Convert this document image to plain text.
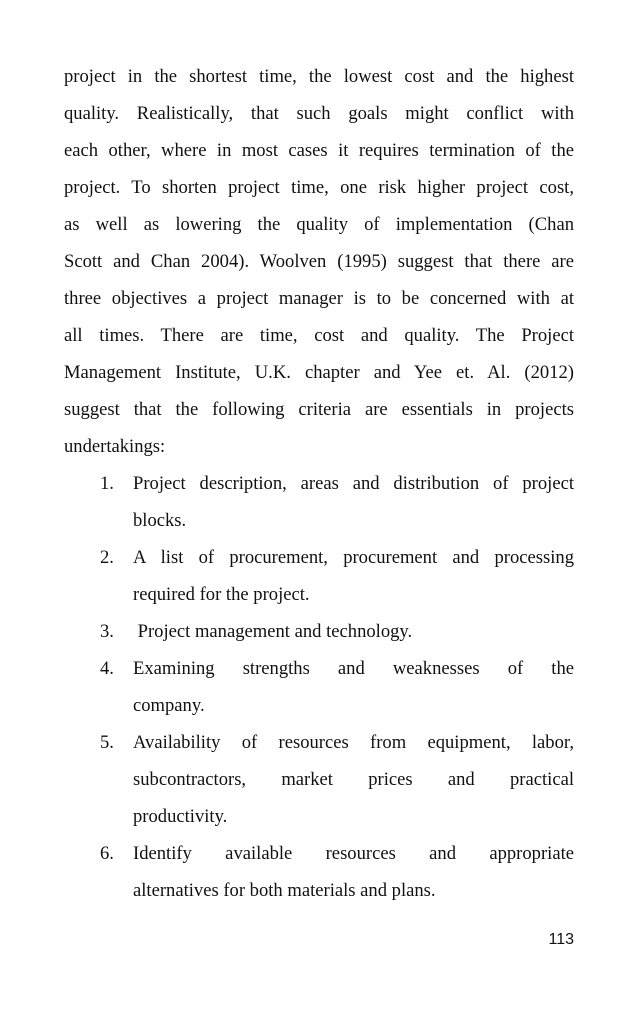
project in the shortest time, the lowest cost and the highest
quality. Realistically, that such goals might conflict with
each other, where in most cases it requires termination of the
project. To shorten project time, one risk higher project cost,
as well as lowering the quality of implementation (Chan
Scott and Chan 2004). Woolven (1995) suggest that there are
three objectives a project manager is to be concerned with at
all times. There are time, cost and quality. The Project
Management Institute, U.K. chapter and Yee et. Al. (2012)
suggest that the following criteria are essentials in projects
undertakings:
1. Project description, areas and distribution of project
blocks.
2. A list of procurement, procurement and processing
required for the project.
3. Project management and technology.
4. Examining strengths and weaknesses of the
company.
5. Availability of resources from equipment, labor,
subcontractors, market prices and practical
productivity.
6. Identify available resources and appropriate
alternatives for both materials and plans.
113
